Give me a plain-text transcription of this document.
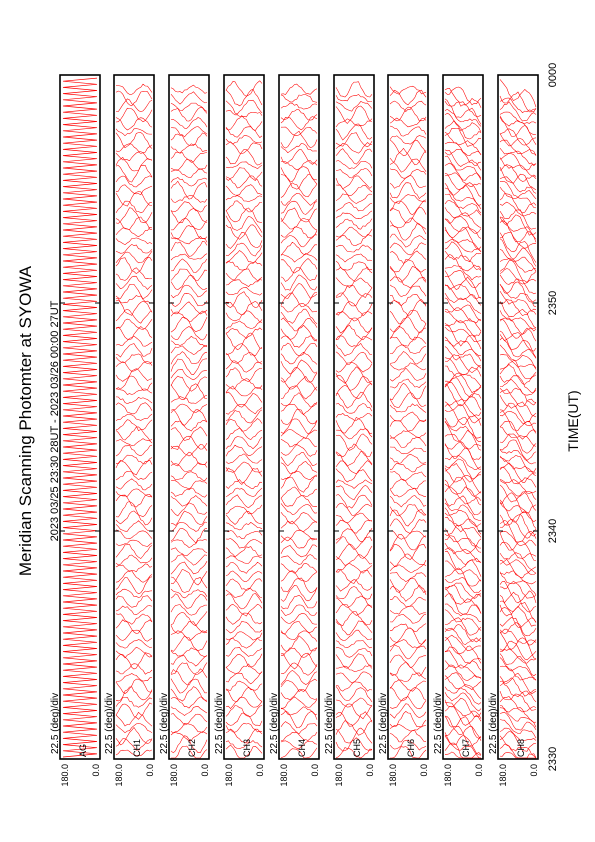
Meridian Scanning Photomter at SYOWA 2023 03/25 23:30 28UT - 2023 03/26 00:00 27UT	TIME(UT)
180.0 0.0
AG
22.5 (deg)/div
180.0 0.0
CH1
22.5 (deg)/div
180.0 0.0
CH2
22.5 (deg)/div
180.0 0.0
CH3
22.5 (deg)/div
180.0 0.0
CH4
22.5 (deg)/div
180.0 0.0
CH5
22.5 (deg)/div
180.0 0.0
CH6
22.5 (deg)/div
180.0 0.0
CH7
22.5 (deg)/div
180.0 0.0
CH8
22.5 (deg)/div
2330
2340
2350
0000
